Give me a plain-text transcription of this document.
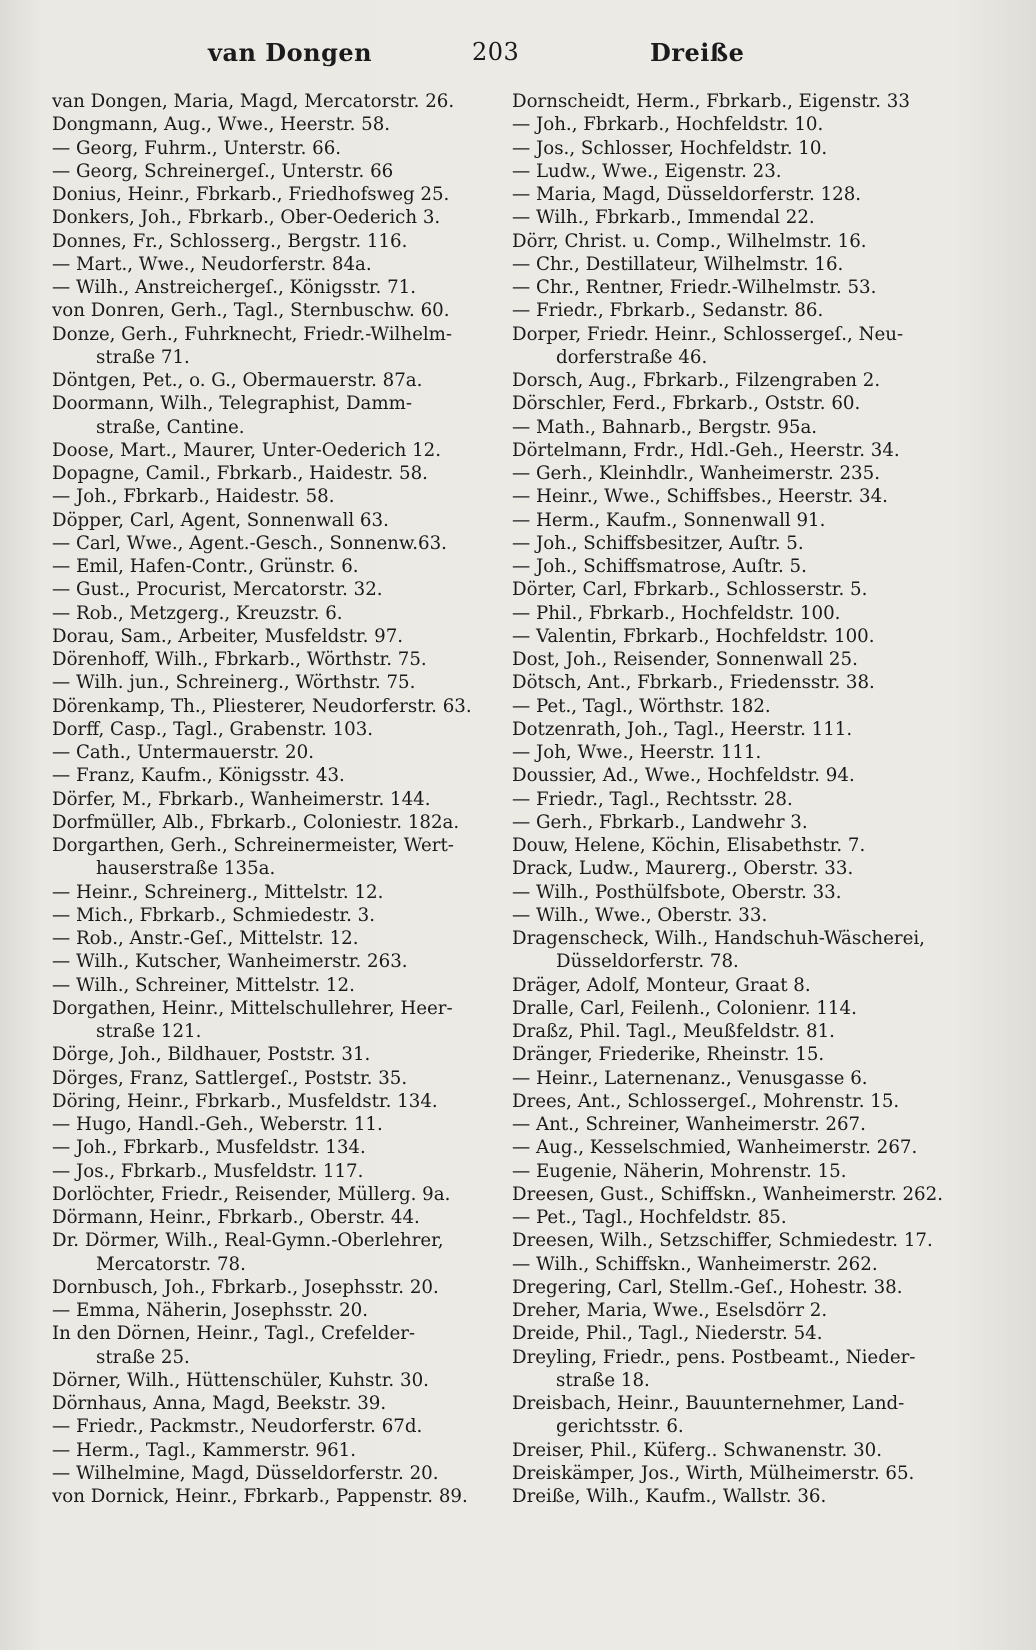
van Dongen	203	Dreiße
van Dongen, Maria, Magd, Mercatorstr. 26.
Dongmann, Aug., Wwe., Heerstr. 58.
— Georg, Fuhrm., Unterstr. 66.
— Georg, Schreinergeſ., Unterstr. 66
Donius, Heinr., Fbrkarb., Friedhofsweg 25.
Donkers, Joh., Fbrkarb., Ober-Oederich 3.
Donnes, Fr., Schlosserg., Bergstr. 116.
— Mart., Wwe., Neudorferstr. 84a.
— Wilh., Anstreichergeſ., Königsstr. 71.
von Donren, Gerh., Tagl., Sternbuschw. 60.
Donze, Gerh., Fuhrknecht, Friedr.-Wilhelm-
straße 71.
Döntgen, Pet., o. G., Obermauerstr. 87a.
Doormann, Wilh., Telegraphist, Damm-
straße, Cantine.
Doose, Mart., Maurer, Unter-Oederich 12.
Dopagne, Camil., Fbrkarb., Haidestr. 58.
— Joh., Fbrkarb., Haidestr. 58.
Döpper, Carl, Agent, Sonnenwall 63.
— Carl, Wwe., Agent.-Gesch., Sonnenw.63.
— Emil, Hafen-Contr., Grünstr. 6.
— Gust., Procurist, Mercatorstr. 32.
— Rob., Metzgerg., Kreuzstr. 6.
Dorau, Sam., Arbeiter, Musfeldstr. 97.
Dörenhoff, Wilh., Fbrkarb., Wörthstr. 75.
— Wilh. jun., Schreinerg., Wörthstr. 75.
Dörenkamp, Th., Pliesterer, Neudorferstr. 63.
Dorff, Casp., Tagl., Grabenstr. 103.
— Cath., Untermauerstr. 20.
— Franz, Kaufm., Königsstr. 43.
Dörfer, M., Fbrkarb., Wanheimerstr. 144.
Dorfmüller, Alb., Fbrkarb., Coloniestr. 182a.
Dorgarthen, Gerh., Schreinermeister, Wert-
hauserstraße 135a.
— Heinr., Schreinerg., Mittelstr. 12.
— Mich., Fbrkarb., Schmiedestr. 3.
— Rob., Anstr.-Geſ., Mittelstr. 12.
— Wilh., Kutscher, Wanheimerstr. 263.
— Wilh., Schreiner, Mittelstr. 12.
Dorgathen, Heinr., Mittelschullehrer, Heer-
straße 121.
Dörge, Joh., Bildhauer, Poststr. 31.
Dörges, Franz, Sattlergeſ., Poststr. 35.
Döring, Heinr., Fbrkarb., Musfeldstr. 134.
— Hugo, Handl.-Geh., Weberstr. 11.
— Joh., Fbrkarb., Musfeldstr. 134.
— Jos., Fbrkarb., Musfeldstr. 117.
Dorlöchter, Friedr., Reisender, Müllerg. 9a.
Dörmann, Heinr., Fbrkarb., Oberstr. 44.
Dr. Dörmer, Wilh., Real-Gymn.-Oberlehrer,
Mercatorstr. 78.
Dornbusch, Joh., Fbrkarb., Josephsstr. 20.
— Emma, Näherin, Josephsstr. 20.
In den Dörnen, Heinr., Tagl., Crefelder-
straße 25.
Dörner, Wilh., Hüttenschüler, Kuhstr. 30.
Dörnhaus, Anna, Magd, Beekstr. 39.
— Friedr., Packmstr., Neudorferstr. 67d.
— Herm., Tagl., Kammerstr. 961.
— Wilhelmine, Magd, Düsseldorferstr. 20.
von Dornick, Heinr., Fbrkarb., Pappenstr. 89.
Dornscheidt, Herm., Fbrkarb., Eigenstr. 33
— Joh., Fbrkarb., Hochfeldstr. 10.
— Jos., Schlosser, Hochfeldstr. 10.
— Ludw., Wwe., Eigenstr. 23.
— Maria, Magd, Düsseldorferstr. 128.
— Wilh., Fbrkarb., Immendal 22.
Dörr, Christ. u. Comp., Wilhelmstr. 16.
— Chr., Destillateur, Wilhelmstr. 16.
— Chr., Rentner, Friedr.-Wilhelmstr. 53.
— Friedr., Fbrkarb., Sedanstr. 86.
Dorper, Friedr. Heinr., Schlossergeſ., Neu-
dorferstraße 46.
Dorsch, Aug., Fbrkarb., Filzengraben 2.
Dörschler, Ferd., Fbrkarb., Oststr. 60.
— Math., Bahnarb., Bergstr. 95a.
Dörtelmann, Frdr., Hdl.-Geh., Heerstr. 34.
— Gerh., Kleinhdlr., Wanheimerstr. 235.
— Heinr., Wwe., Schiffsbes., Heerstr. 34.
— Herm., Kaufm., Sonnenwall 91.
— Joh., Schiffsbesitzer, Auſtr. 5.
— Joh., Schiffsmatrose, Auſtr. 5.
Dörter, Carl, Fbrkarb., Schlosserstr. 5.
— Phil., Fbrkarb., Hochfeldstr. 100.
— Valentin, Fbrkarb., Hochfeldstr. 100.
Dost, Joh., Reisender, Sonnenwall 25.
Dötsch, Ant., Fbrkarb., Friedensstr. 38.
— Pet., Tagl., Wörthstr. 182.
Dotzenrath, Joh., Tagl., Heerstr. 111.
— Joh, Wwe., Heerstr. 111.
Doussier, Ad., Wwe., Hochfeldstr. 94.
— Friedr., Tagl., Rechtsstr. 28.
— Gerh., Fbrkarb., Landwehr 3.
Douw, Helene, Köchin, Elisabethstr. 7.
Drack, Ludw., Maurerg., Oberstr. 33.
— Wilh., Posthülfsbote, Oberstr. 33.
— Wilh., Wwe., Oberstr. 33.
Dragenscheck, Wilh., Handschuh-Wäscherei,
Düsseldorferstr. 78.
Dräger, Adolf, Monteur, Graat 8.
Dralle, Carl, Feilenh., Colonienr. 114.
Draßz, Phil. Tagl., Meußfeldstr. 81.
Dränger, Friederike, Rheinstr. 15.
— Heinr., Laternenanz., Venusgasse 6.
Drees, Ant., Schlossergeſ., Mohrenstr. 15.
— Ant., Schreiner, Wanheimerstr. 267.
— Aug., Kesselschmied, Wanheimerstr. 267.
— Eugenie, Näherin, Mohrenstr. 15.
Dreesen, Gust., Schiffskn., Wanheimerstr. 262.
— Pet., Tagl., Hochfeldstr. 85.
Dreesen, Wilh., Setzschiffer, Schmiedestr. 17.
— Wilh., Schiffskn., Wanheimerstr. 262.
Dregering, Carl, Stellm.-Geſ., Hohestr. 38.
Dreher, Maria, Wwe., Eselsdörr 2.
Dreide, Phil., Tagl., Niederstr. 54.
Dreyling, Friedr., pens. Postbeamt., Nieder-
straße 18.
Dreisbach, Heinr., Bauunternehmer, Land-
gerichtsstr. 6.
Dreiser, Phil., Küferg.. Schwanenstr. 30.
Dreiskämper, Jos., Wirth, Mülheimerstr. 65.
Dreiße, Wilh., Kaufm., Wallstr. 36.
